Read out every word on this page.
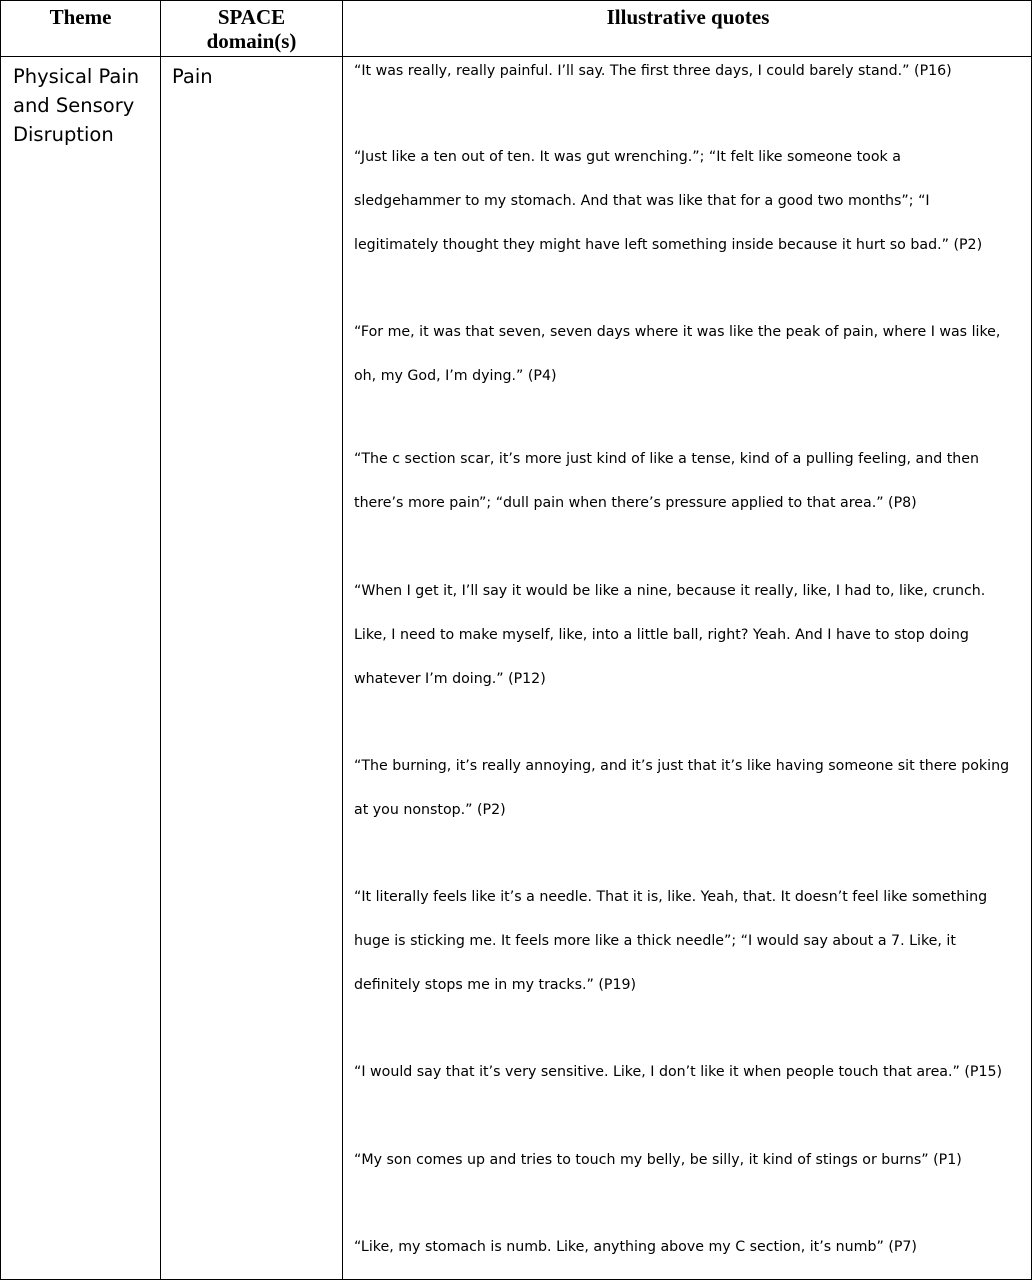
Theme	SPACE
domain(s)
Illustrative quotes
Physical Pain
and Sensory
Disruption
Pain	“It was really, really painful. I’ll say. The first three days, I could barely stand.” (P16)
“Just like a ten out of ten. It was gut wrenching.”; “It felt like someone took a
sledgehammer to my stomach. And that was like that for a good two months”; “I
legitimately thought they might have left something inside because it hurt so bad.” (P2)
“For me, it was that seven, seven days where it was like the peak of pain, where I was like,
oh, my God, I’m dying.” (P4)
“The c section scar, it’s more just kind of like a tense, kind of a pulling feeling, and then
there’s more pain”; “dull pain when there’s pressure applied to that area.” (P8)
“When I get it, I’ll say it would be like a nine, because it really, like, I had to, like, crunch.
Like, I need to make myself, like, into a little ball, right? Yeah. And I have to stop doing
whatever I’m doing.” (P12)
“The burning, it’s really annoying, and it’s just that it’s like having someone sit there poking
at you nonstop.” (P2)
“It literally feels like it’s a needle. That it is, like. Yeah, that. It doesn’t feel like something
huge is sticking me. It feels more like a thick needle”; “I would say about a 7. Like, it
definitely stops me in my tracks.” (P19)
“I would say that it’s very sensitive. Like, I don’t like it when people touch that area.” (P15)
“My son comes up and tries to touch my belly, be silly, it kind of stings or burns” (P1)
“Like, my stomach is numb. Like, anything above my C section, it’s numb” (P7)
